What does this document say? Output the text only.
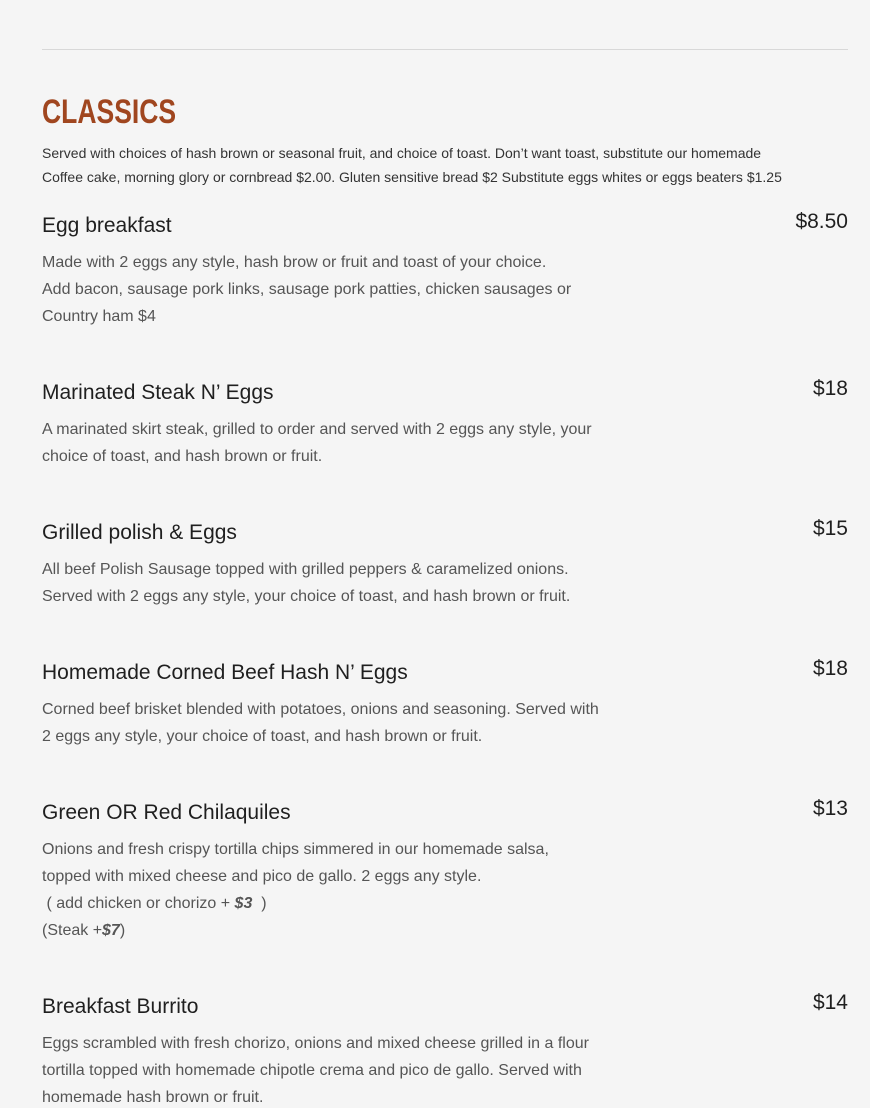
CLASSICS
Served with choices of hash brown or seasonal fruit, and choice of toast. Don’t want toast, substitute our homemade
Coffee cake, morning glory or cornbread $2.00. Gluten sensitive bread $2 Substitute eggs whites or eggs beaters $1.25
Egg breakfast	$8.50
Made with 2 eggs any style, hash brow or fruit and toast of your choice.
Add bacon, sausage pork links, sausage pork patties, chicken sausages or
Country ham $4
Marinated Steak N’ Eggs	$18
A marinated skirt steak, grilled to order and served with 2 eggs any style, your
choice of toast, and hash brown or fruit.
Grilled polish & Eggs	$15
All beef Polish Sausage topped with grilled peppers & caramelized onions.
Served with 2 eggs any style, your choice of toast, and hash brown or fruit.
Homemade Corned Beef Hash N’ Eggs	$18
Corned beef brisket blended with potatoes, onions and seasoning. Served with
2 eggs any style, your choice of toast, and hash brown or fruit.
Green OR Red Chilaquiles	$13
Onions and fresh crispy tortilla chips simmered in our homemade salsa,
topped with mixed cheese and pico de gallo. 2 eggs any style.
( add chicken or chorizo + $3  )
(Steak +$7)
Breakfast Burrito	$14
Eggs scrambled with fresh chorizo, onions and mixed cheese grilled in a flour
tortilla topped with homemade chipotle crema and pico de gallo. Served with
homemade hash brown or fruit.
